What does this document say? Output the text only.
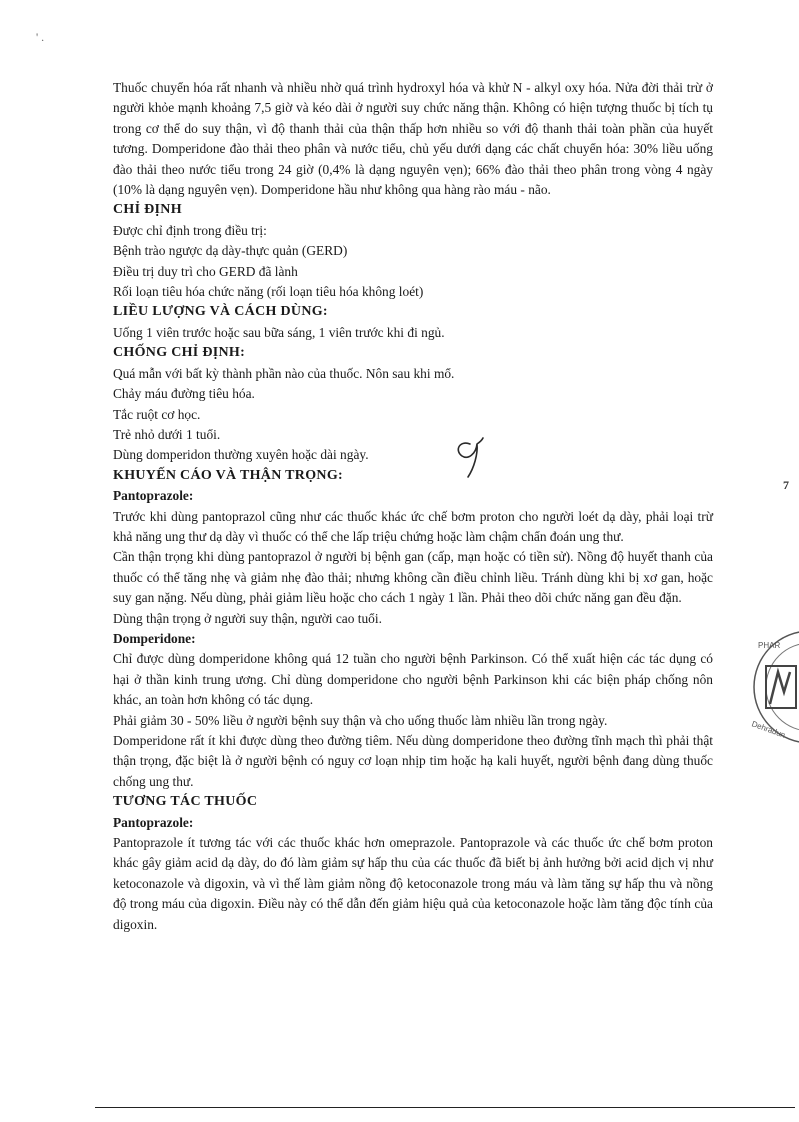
Thuốc chuyển hóa rất nhanh và nhiều nhờ quá trình hydroxyl hóa và khử N - alkyl oxy hóa. Nửa đời thải trừ ở người khỏe mạnh khoảng 7,5 giờ và kéo dài ở người suy chức năng thận. Không có hiện tượng thuốc bị tích tụ trong cơ thể do suy thận, vì độ thanh thải của thận thấp hơn nhiều so với độ thanh thải toàn phần của huyết tương. Domperidone đào thải theo phân và nước tiểu, chủ yếu dưới dạng các chất chuyển hóa: 30% liều uống đào thải theo nước tiểu trong 24 giờ (0,4% là dạng nguyên vẹn); 66% đào thải theo phân trong vòng 4 ngày (10% là dạng nguyên vẹn). Domperidone hầu như không qua hàng rào máu - não.

CHỈ ĐỊNH

Được chỉ định trong điều trị:

Bệnh trào ngược dạ dày-thực quản (GERD)

Điều trị duy trì cho GERD đã lành

Rối loạn tiêu hóa chức năng (rối loạn tiêu hóa không loét)

LIỀU LƯỢNG VÀ CÁCH DÙNG:

Uống 1 viên trước hoặc sau bữa sáng, 1 viên trước khi đi ngủ.

CHỐNG CHỈ ĐỊNH:

Quá mẫn với bất kỳ thành phần nào của thuốc. Nôn sau khi mổ.

Chảy máu đường tiêu hóa.

Tắc ruột cơ học.

Trẻ nhỏ dưới 1 tuổi.

Dùng domperidon thường xuyên hoặc dài ngày.

KHUYẾN CÁO VÀ THẬN TRỌNG:

Pantoprazole:

Trước khi dùng pantoprazol cũng như các thuốc khác ức chế bơm proton cho người loét dạ dày, phải loại trừ khả năng ung thư dạ dày vì thuốc có thể che lấp triệu chứng hoặc làm chậm chẩn đoán ung thư.

Cần thận trọng khi dùng pantoprazol ở người bị bệnh gan (cấp, mạn hoặc có tiền sử). Nồng độ huyết thanh của thuốc có thể tăng nhẹ và giảm nhẹ đào thải; nhưng không cần điều chỉnh liều. Tránh dùng khi bị xơ gan, hoặc suy gan nặng. Nếu dùng, phải giảm liều hoặc cho cách 1 ngày 1 lần. Phải theo dõi chức năng gan đều đặn.

Dùng thận trọng ở người suy thận, người cao tuổi.

Domperidone:

Chỉ được dùng domperidone không quá 12 tuần cho người bệnh Parkinson. Có thể xuất hiện các tác dụng có hại ở thần kinh trung ương. Chỉ dùng domperidone cho người bệnh Parkinson khi các biện pháp chống nôn khác, an toàn hơn không có tác dụng.

Phải giảm 30 - 50% liều ở người bệnh suy thận và cho uống thuốc làm nhiều lần trong ngày.

Domperidone rất ít khi được dùng theo đường tiêm. Nếu dùng domperidone theo đường tĩnh mạch thì phải thật thận trọng, đặc biệt là ở người bệnh có nguy cơ loạn nhịp tim hoặc hạ kali huyết, người bệnh đang dùng thuốc chống ung thư.

TƯƠNG TÁC THUỐC

Pantoprazole:

Pantoprazole ít tương tác với các thuốc khác hơn omeprazole. Pantoprazole và các thuốc ức chế bơm proton khác gây giảm acid dạ dày, do đó làm giảm sự hấp thu của các thuốc đã biết bị ảnh hưởng bởi acid dịch vị như ketoconazole và digoxin, và vì thế làm giảm nồng độ ketoconazole trong máu và làm tăng sự hấp thu và nồng độ trong máu của digoxin. Điều này có thể dẫn đến giảm hiệu quả của ketoconazole hoặc làm tăng độc tính của digoxin.

' .
7
PHAR
Dehradun
